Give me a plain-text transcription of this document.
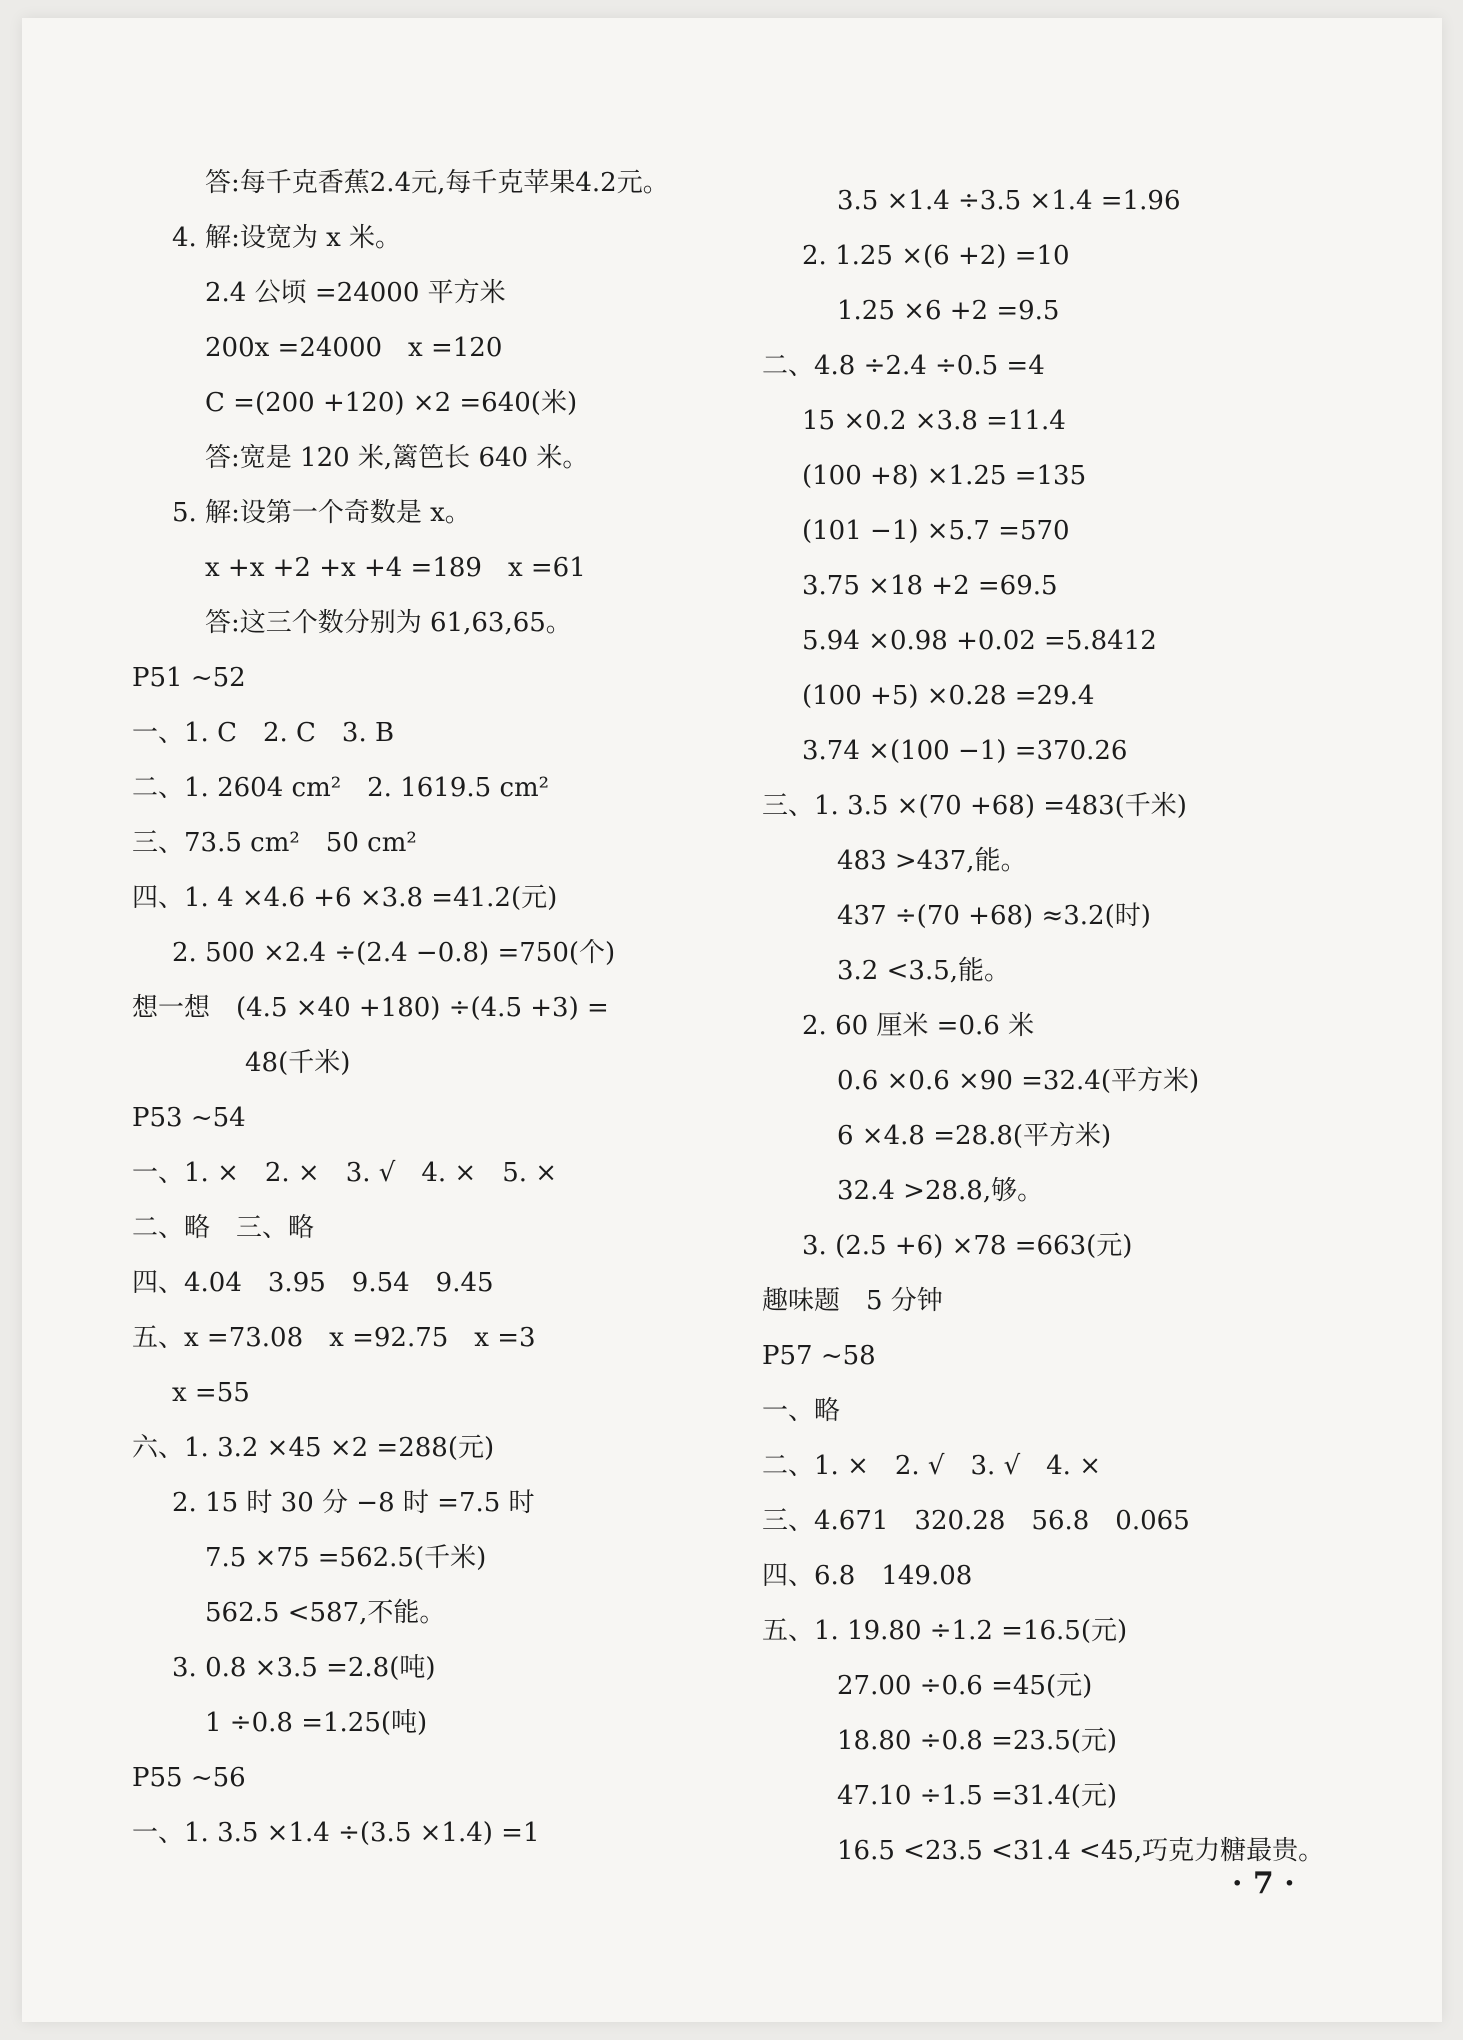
答:每千克香蕉2.4元,每千克苹果4.2元。
4. 解:设宽为 x 米。
2.4 公顷 =24000 平方米
200x =24000　x =120
C =(200 +120) ×2 =640(米)
答:宽是 120 米,篱笆长 640 米。
5. 解:设第一个奇数是 x。
x +x +2 +x +4 =189　x =61
答:这三个数分别为 61,63,65。
P51 ~52
一、1. C　2. C　3. B
二、1. 2604 cm²　2. 1619.5 cm²
三、73.5 cm²　50 cm²
四、1. 4 ×4.6 +6 ×3.8 =41.2(元)
2. 500 ×2.4 ÷(2.4 −0.8) =750(个)
想一想　(4.5 ×40 +180) ÷(4.5 +3) =
48(千米)
P53 ~54
一、1. ×　2. ×　3. √　4. ×　5. ×
二、略　三、略
四、4.04　3.95　9.54　9.45
五、x =73.08　x =92.75　x =3
x =55
六、1. 3.2 ×45 ×2 =288(元)
2. 15 时 30 分 −8 时 =7.5 时
7.5 ×75 =562.5(千米)
562.5 <587,不能。
3. 0.8 ×3.5 =2.8(吨)
1 ÷0.8 =1.25(吨)
P55 ~56
一、1. 3.5 ×1.4 ÷(3.5 ×1.4) =1
3.5 ×1.4 ÷3.5 ×1.4 =1.96
2. 1.25 ×(6 +2) =10
1.25 ×6 +2 =9.5
二、4.8 ÷2.4 ÷0.5 =4
15 ×0.2 ×3.8 =11.4
(100 +8) ×1.25 =135
(101 −1) ×5.7 =570
3.75 ×18 +2 =69.5
5.94 ×0.98 +0.02 =5.8412
(100 +5) ×0.28 =29.4
3.74 ×(100 −1) =370.26
三、1. 3.5 ×(70 +68) =483(千米)
483 >437,能。
437 ÷(70 +68) ≈3.2(时)
3.2 <3.5,能。
2. 60 厘米 =0.6 米
0.6 ×0.6 ×90 =32.4(平方米)
6 ×4.8 =28.8(平方米)
32.4 >28.8,够。
3. (2.5 +6) ×78 =663(元)
趣味题　5 分钟
P57 ~58
一、略
二、1. ×　2. √　3. √　4. ×
三、4.671　320.28　56.8　0.065
四、6.8　149.08
五、1. 19.80 ÷1.2 =16.5(元)
27.00 ÷0.6 =45(元)
18.80 ÷0.8 =23.5(元)
47.10 ÷1.5 =31.4(元)
16.5 <23.5 <31.4 <45,巧克力糖最贵。
· 7 ·
